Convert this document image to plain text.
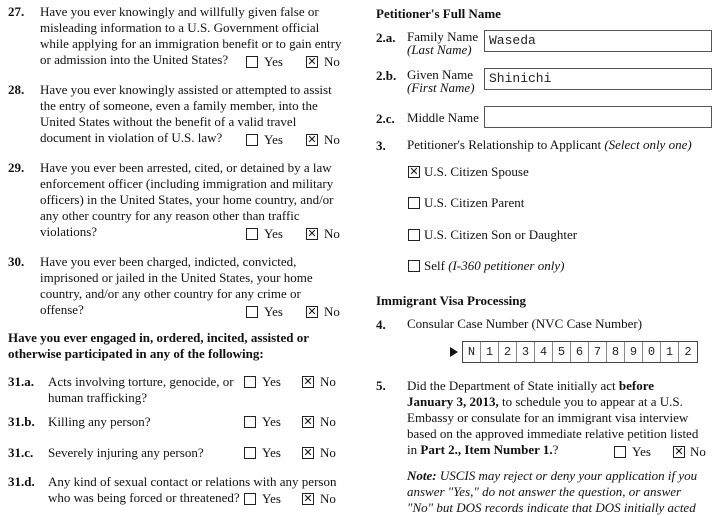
27. Have you ever knowingly and willfully given false or
misleading information to a U.S. Government official
while applying for an immigration benefit or to gain entry
or admission into the United States?	Yes ✕ No
28. Have you ever knowingly assisted or attempted to assist
the entry of someone, even a family member, into the
United States without the benefit of a valid travel
document in violation of U.S. law?	Yes ✕ No
29. Have you ever been arrested, cited, or detained by a law
enforcement officer (including immigration and military
officers) in the United States, your home country, and/or
any other country for any reason other than traffic
violations?	Yes ✕ No
30. Have you ever been charged, indicted, convicted,
imprisoned or jailed in the United States, your home
country, and/or any other country for any crime or
offense?	Yes ✕ No
Have you ever engaged in, ordered, incited, assisted or
otherwise participated in any of the following:
31.a. Acts involving torture, genocide, or
human trafficking?
Yes ✕ No
31.b. Killing any person?	Yes ✕ No
31.c. Severely injuring any person?	Yes ✕ No
31.d. Any kind of sexual contact or relations with any person
who was being forced or threatened?	Yes ✕ No
Petitioner's Full Name
2.a. Family Name
(Last Name)
Waseda
2.b. Given Name
(First Name)
Shinichi
2.c. Middle Name
3. Petitioner's Relationship to Applicant (Select only one)
✕ U.S. Citizen Spouse
U.S. Citizen Parent
U.S. Citizen Son or Daughter
Self (I-360 petitioner only)
Immigrant Visa Processing
4. Consular Case Number (NVC Case Number)
N 1 2 3 4 5 6 7 8 9 0 1 2
5. Did the Department of State initially act before
January 3, 2013, to schedule you to appear at a U.S.
Embassy or consulate for an immigrant visa interview
based on the approved immediate relative petition listed
in Part 2., Item Number 1.?	Yes ✕ No
Note: USCIS may reject or deny your application if you
answer "Yes," do not answer the question, or answer
"No" but DOS records indicate that DOS initially acted
